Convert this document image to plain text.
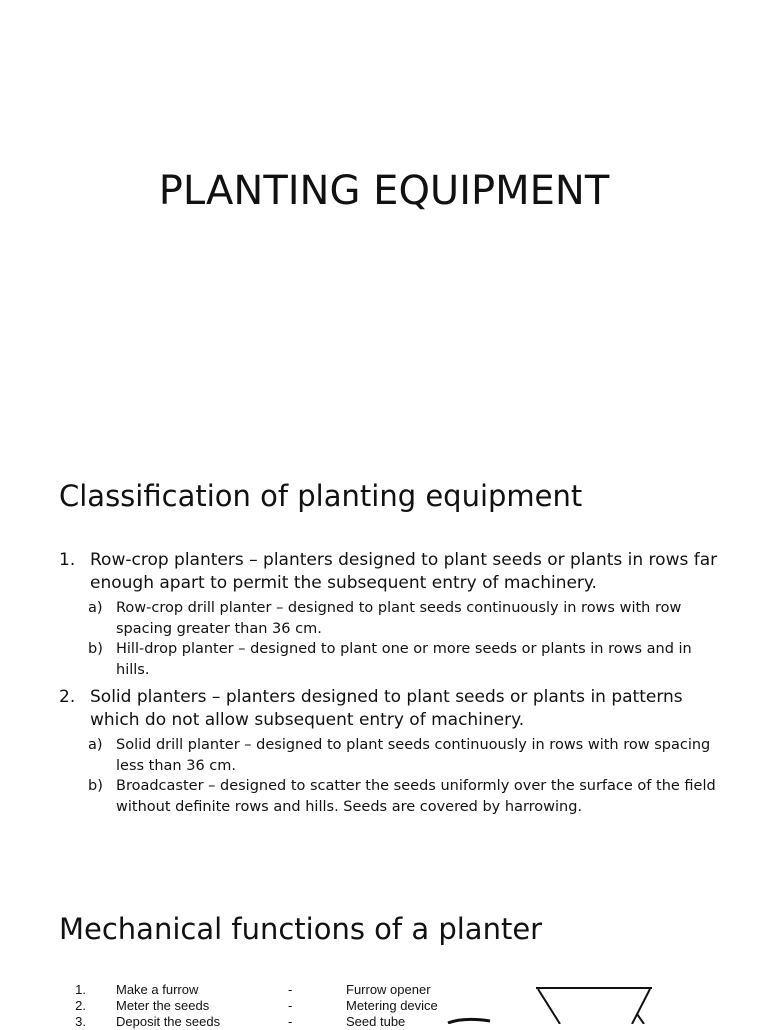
PLANTING EQUIPMENT
Classification of planting equipment
1. Row-crop planters – planters designed to plant seeds or plants in rows far enough apart to permit the subsequent entry of machinery.
a) Row-crop drill planter – designed to plant seeds continuously in rows with row spacing greater than 36 cm.
b) Hill-drop planter – designed to plant one or more seeds or plants in rows and in hills.
2. Solid planters – planters designed to plant seeds or plants in patterns which do not allow subsequent entry of machinery.
a) Solid drill planter – designed to plant seeds continuously in rows with row spacing less than 36 cm.
b) Broadcaster – designed to scatter the seeds uniformly over the surface of the field without definite rows and hills. Seeds are covered by harrowing.
Mechanical functions of a planter
1. Make a furrow	-	Furrow opener
2. Meter the seeds	-	Metering device
3. Deposit the seeds	-	Seed tube
